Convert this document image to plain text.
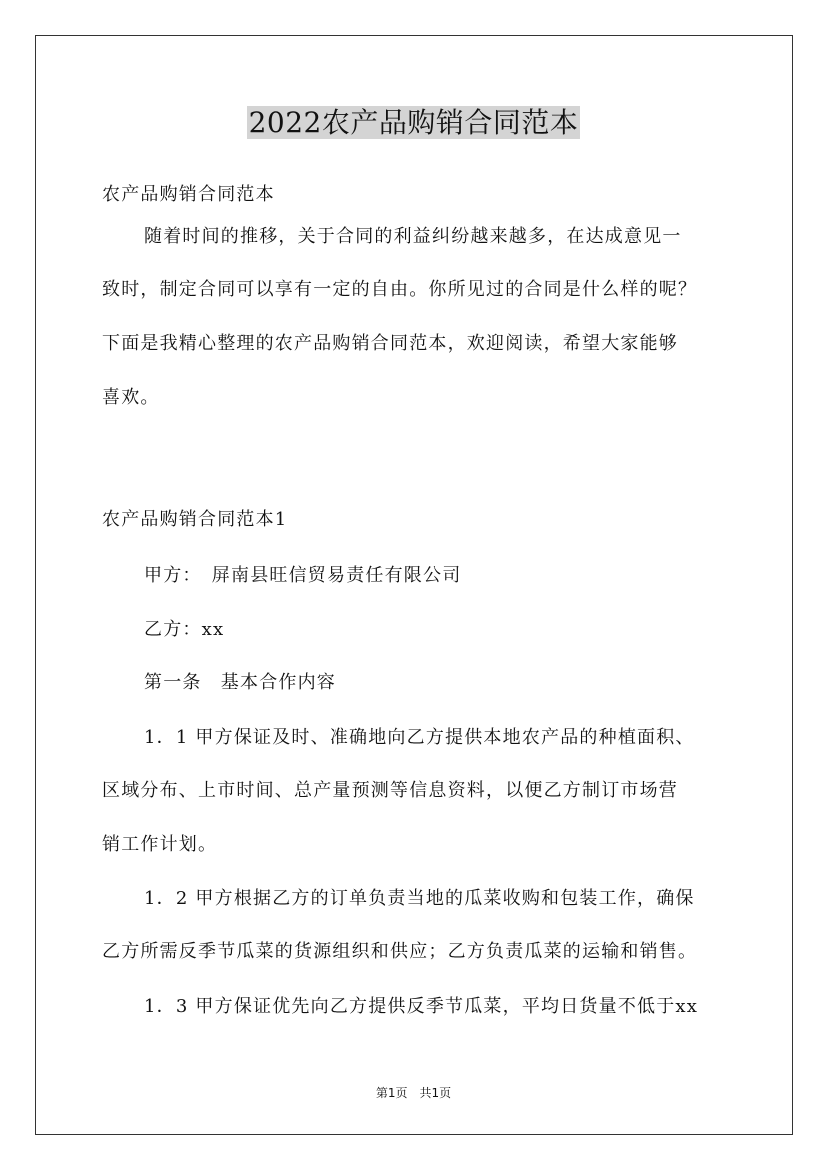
2022农产品购销合同范本

农产品购销合同范本

随着时间的推移，关于合同的利益纠纷越来越多，在达成意见一
致时，制定合同可以享有一定的自由。你所见过的合同是什么样的呢？
下面是我精心整理的农产品购销合同范本，欢迎阅读，希望大家能够
喜欢。

农产品购销合同范本1

甲方：　屏南县旺信贸易责任有限公司

乙方：xx

第一条　基本合作内容

1．1 甲方保证及时、准确地向乙方提供本地农产品的种植面积、
区域分布、上市时间、总产量预测等信息资料，以便乙方制订市场营
销工作计划。
1．2 甲方根据乙方的订单负责当地的瓜菜收购和包装工作，确保
乙方所需反季节瓜菜的货源组织和供应；乙方负责瓜菜的运输和销售。
1．3 甲方保证优先向乙方提供反季节瓜菜，平均日货量不低于xx
第1页　共1页
